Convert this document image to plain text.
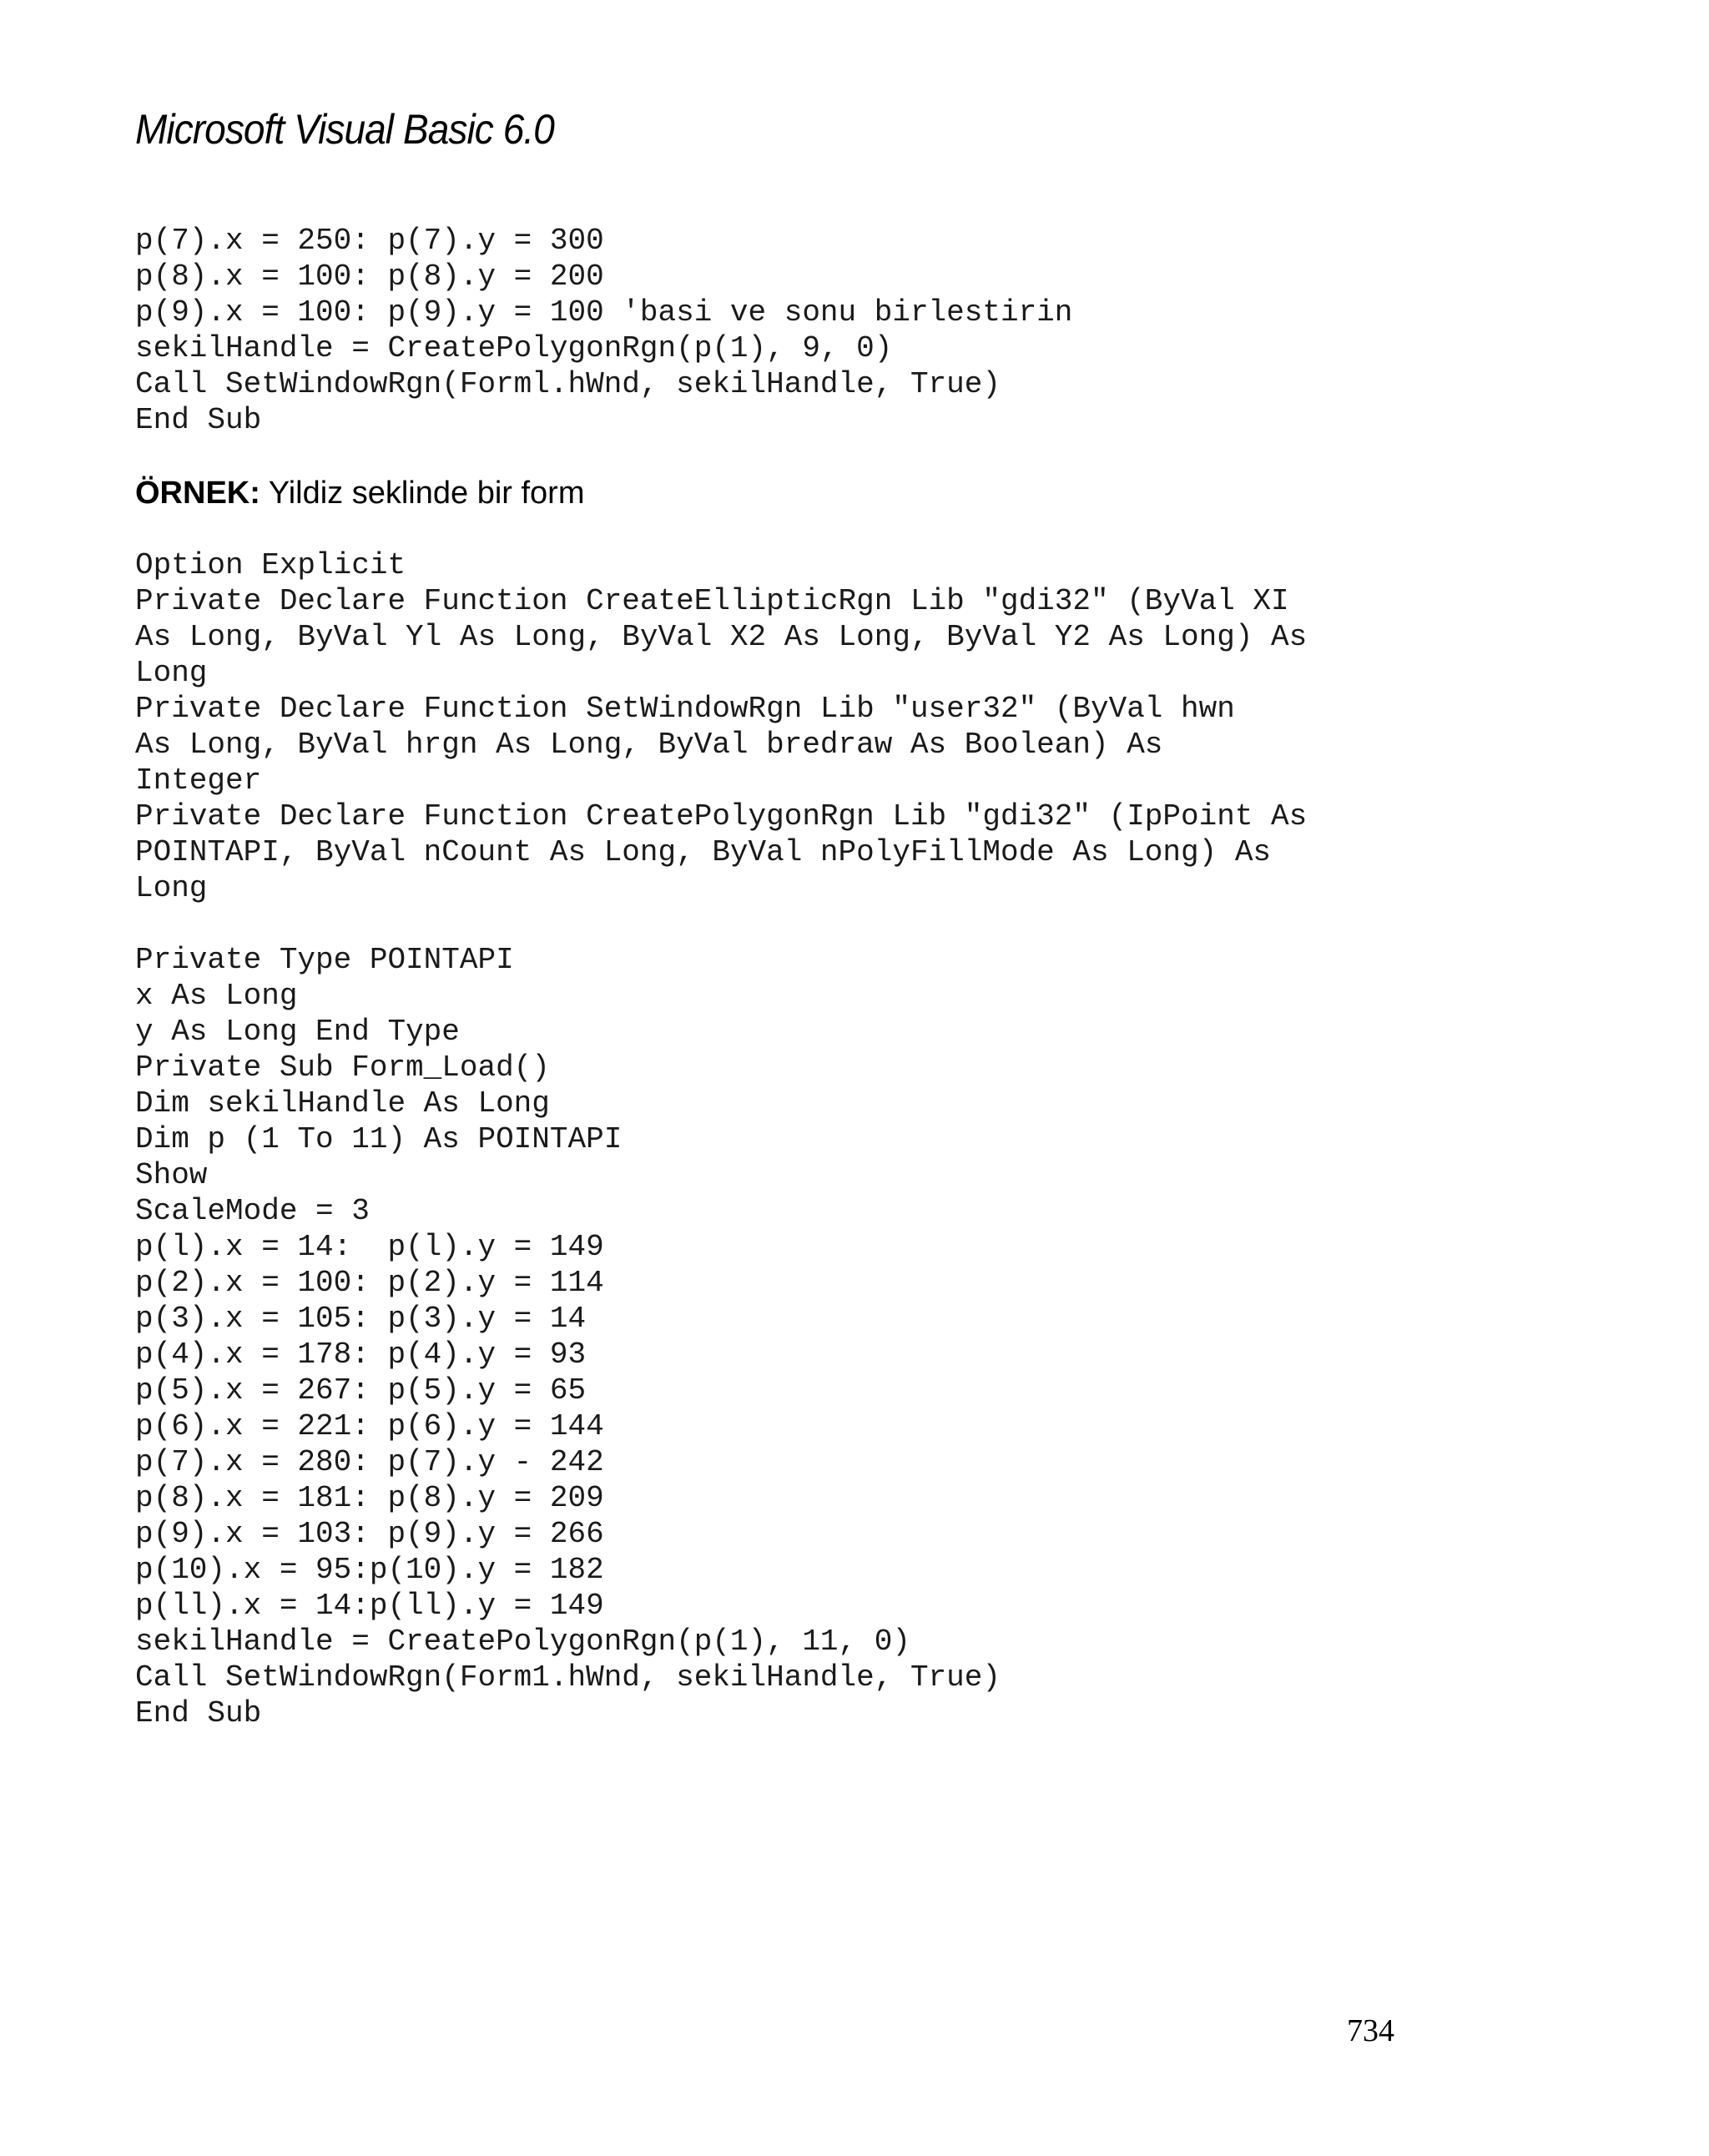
Microsoft Visual Basic 6.0
p(7).x = 250: p(7).y = 300
p(8).x = 100: p(8).y = 200
p(9).x = 100: p(9).y = 100 'basi ve sonu birlestirin
sekilHandle = CreatePolygonRgn(p(1), 9, 0)
Call SetWindowRgn(Forml.hWnd, sekilHandle, True)
End Sub
ÖRNEK: Yildiz seklinde bir form
Option Explicit
Private Declare Function CreateEllipticRgn Lib "gdi32" (ByVal XI
As Long, ByVal Yl As Long, ByVal X2 As Long, ByVal Y2 As Long) As
Long
Private Declare Function SetWindowRgn Lib "user32" (ByVal hwn
As Long, ByVal hrgn As Long, ByVal bredraw As Boolean) As
Integer
Private Declare Function CreatePolygonRgn Lib "gdi32" (IpPoint As
POINTAPI, ByVal nCount As Long, ByVal nPolyFillMode As Long) As
Long
Private Type POINTAPI
x As Long
y As Long End Type
Private Sub Form_Load()
Dim sekilHandle As Long
Dim p (1 To 11) As POINTAPI
Show
ScaleMode = 3
p(l).x = 14:  p(l).y = 149
p(2).x = 100: p(2).y = 114
p(3).x = 105: p(3).y = 14
p(4).x = 178: p(4).y = 93
p(5).x = 267: p(5).y = 65
p(6).x = 221: p(6).y = 144
p(7).x = 280: p(7).y - 242
p(8).x = 181: p(8).y = 209
p(9).x = 103: p(9).y = 266
p(10).x = 95:p(10).y = 182
p(ll).x = 14:p(ll).y = 149
sekilHandle = CreatePolygonRgn(p(1), 11, 0)
Call SetWindowRgn(Form1.hWnd, sekilHandle, True)
End Sub
734
